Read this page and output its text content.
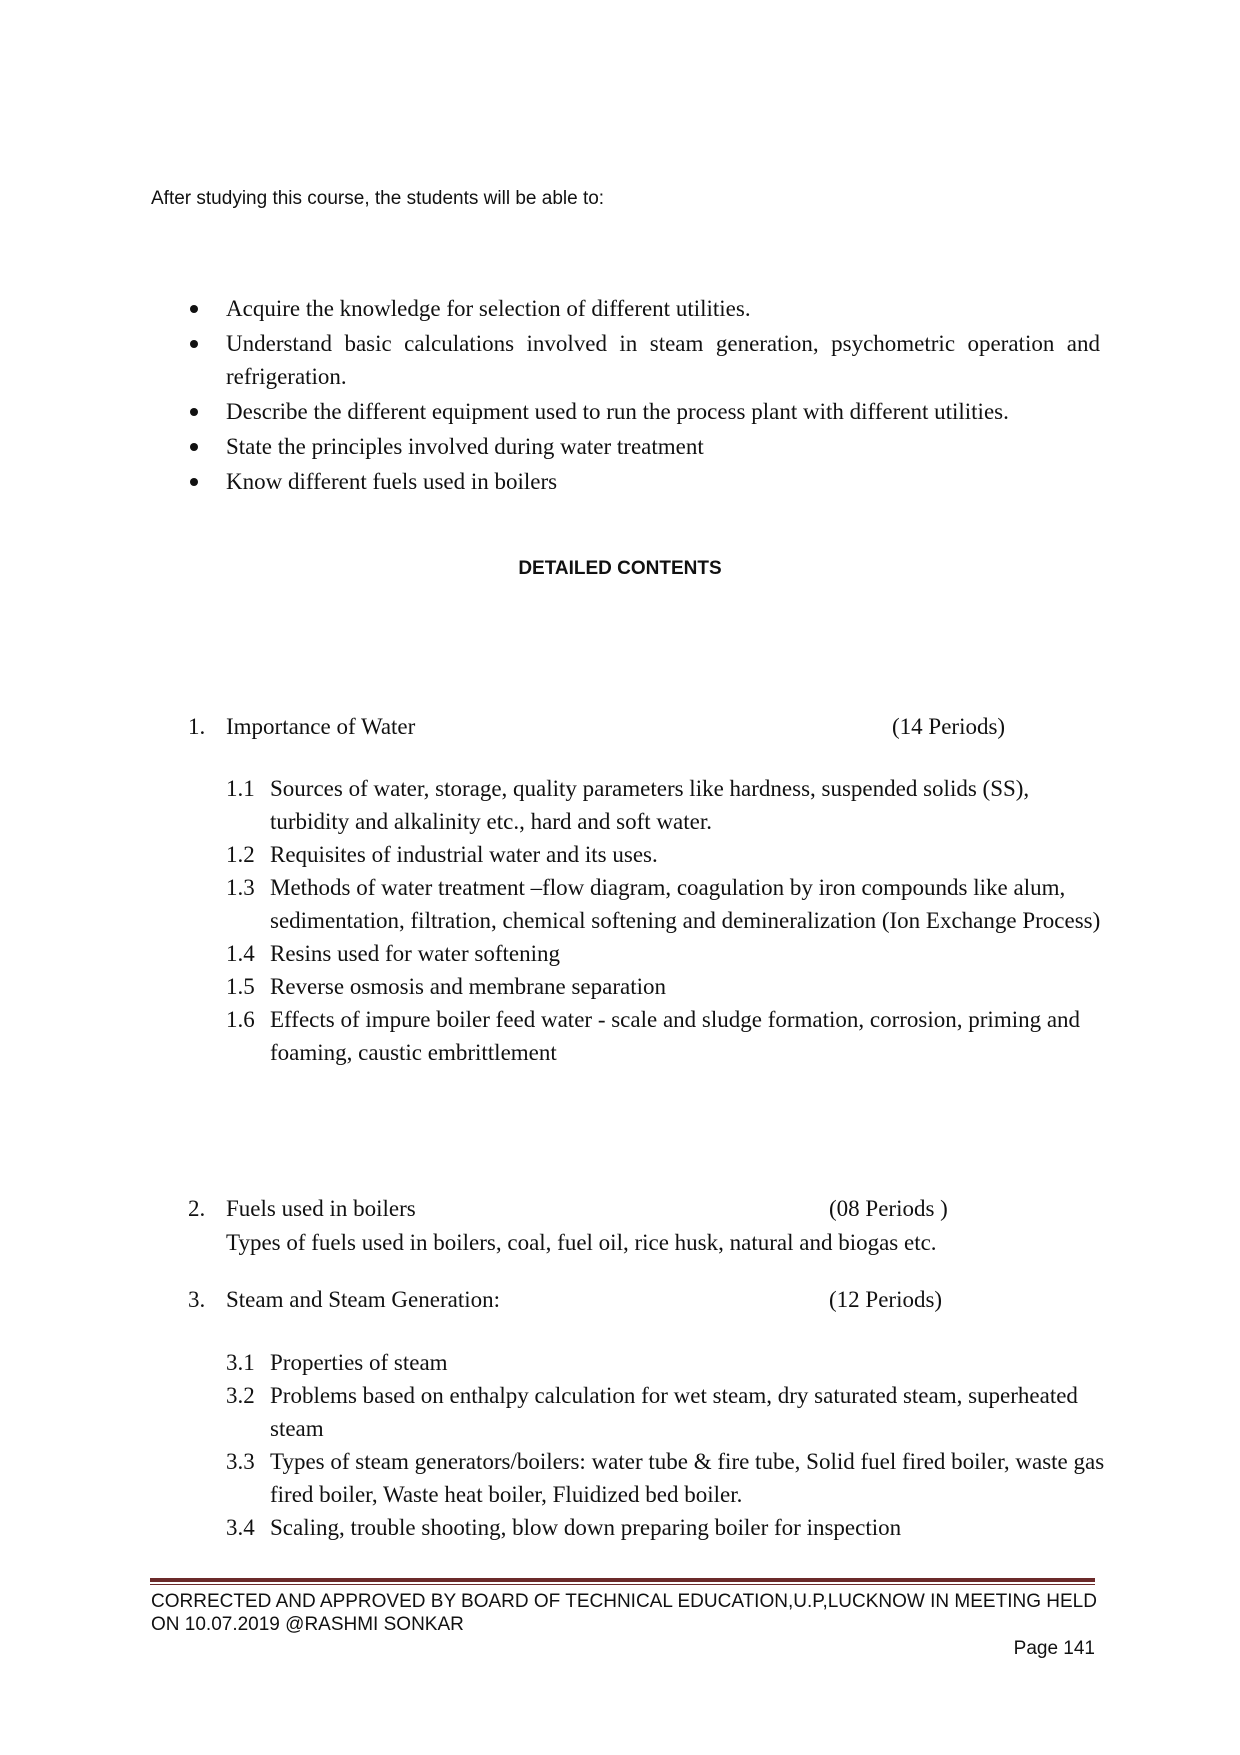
After studying this course, the students will be able to:
Acquire the knowledge for selection of different utilities.
Understand basic calculations involved in steam generation, psychometric operation and refrigeration.
Describe the different equipment used to run the process plant with different utilities.
State the principles involved during water treatment
Know different fuels used in boilers
DETAILED CONTENTS
1. Importance of Water	(14 Periods)
1.1 Sources of water, storage, quality parameters like hardness, suspended solids (SS), turbidity and alkalinity etc., hard and soft water.
1.2 Requisites of industrial water and its uses.
1.3 Methods of water treatment –flow diagram, coagulation by iron compounds like alum, sedimentation, filtration, chemical softening and demineralization (Ion Exchange Process)
1.4 Resins used for water softening
1.5 Reverse osmosis and membrane separation
1.6 Effects of impure boiler feed water - scale and sludge formation, corrosion, priming and foaming, caustic embrittlement
2. Fuels used in boilers	(08 Periods )
Types of fuels used in boilers, coal, fuel oil, rice husk, natural and biogas etc.
3. Steam and Steam Generation:	(12 Periods)
3.1 Properties of steam
3.2 Problems based on enthalpy calculation for wet steam, dry saturated steam, superheated steam
3.3 Types of steam generators/boilers: water tube & fire tube, Solid fuel fired boiler, waste gas fired boiler, Waste heat boiler, Fluidized bed boiler.
3.4 Scaling, trouble shooting, blow down preparing boiler for inspection
CORRECTED AND APPROVED BY BOARD OF TECHNICAL EDUCATION,U.P,LUCKNOW IN MEETING HELD
ON 10.07.2019 @RASHMI SONKAR
Page 141
